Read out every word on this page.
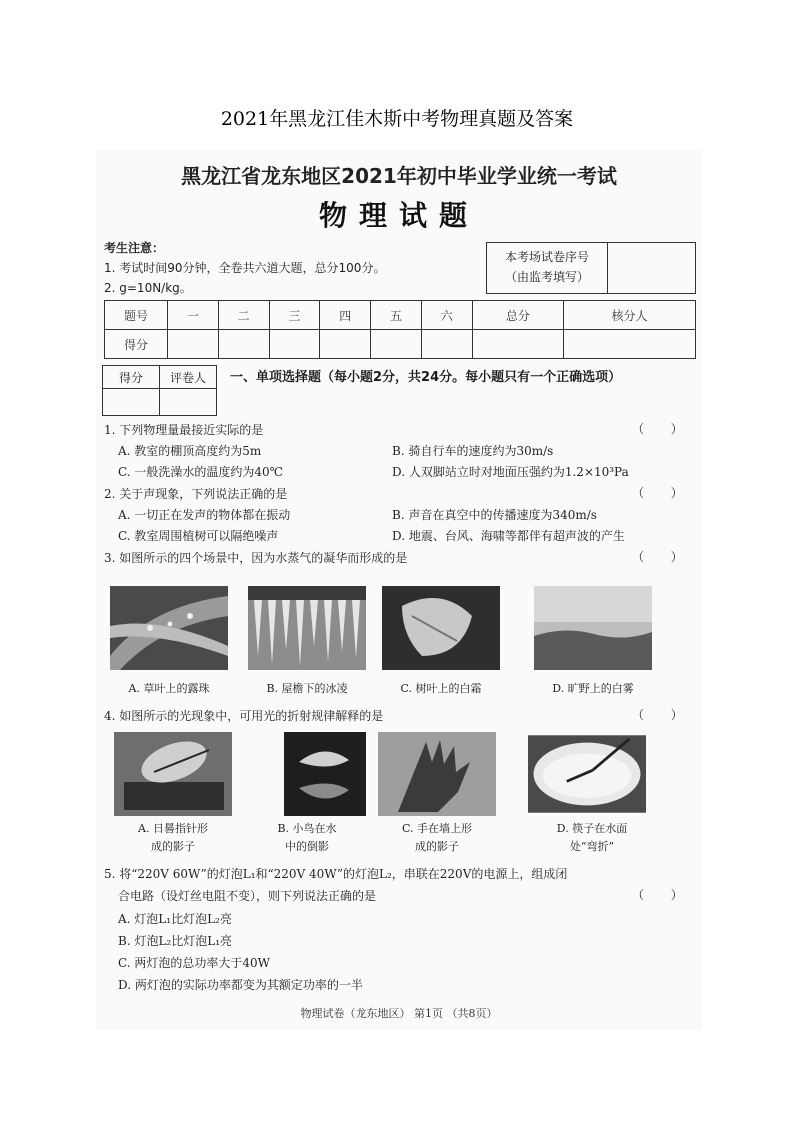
2021年黑龙江佳木斯中考物理真题及答案
黑龙江省龙东地区2021年初中毕业学业统一考试
物理试题
考生注意：
1. 考试时间90分钟，全卷共六道大题，总分100分。
2. g=10N/kg。
本考场试卷序号
（由监考填写）
题号	一	二	三	四	五	六	总分	核分人
得分								
得分	评卷人
	一、单项选择题（每小题2分，共24分。每小题只有一个正确选项）
1. 下列物理量最接近实际的是	（       ）
A. 教室的棚顶高度约为5m	B. 骑自行车的速度约为30m/s
C. 一般洗澡水的温度约为40℃	D. 人双脚站立时对地面压强约为1.2×10³Pa
2. 关于声现象，下列说法正确的是	（       ）
A. 一切正在发声的物体都在振动	B. 声音在真空中的传播速度为340m/s
C. 教室周围植树可以隔绝噪声	D. 地震、台风、海啸等都伴有超声波的产生
3. 如图所示的四个场景中，因为水蒸气的凝华而形成的是	（       ）
A. 草叶上的露珠	B. 屋檐下的冰凌	C. 树叶上的白霜	D. 旷野上的白雾
4. 如图所示的光现象中，可用光的折射规律解释的是	（       ）
A. 日晷指针形
成的影子
B. 小鸟在水
中的倒影
C. 手在墙上形
成的影子
D. 筷子在水面
处“弯折”
5. 将“220V 60W”的灯泡L₁和“220V 40W”的灯泡L₂，串联在220V的电源上，组成闭
合电路（设灯丝电阻不变），则下列说法正确的是	（       ）
A. 灯泡L₁比灯泡L₂亮
B. 灯泡L₂比灯泡L₁亮
C. 两灯泡的总功率大于40W
D. 两灯泡的实际功率都变为其额定功率的一半
物理试卷（龙东地区） 第1页 （共8页）
